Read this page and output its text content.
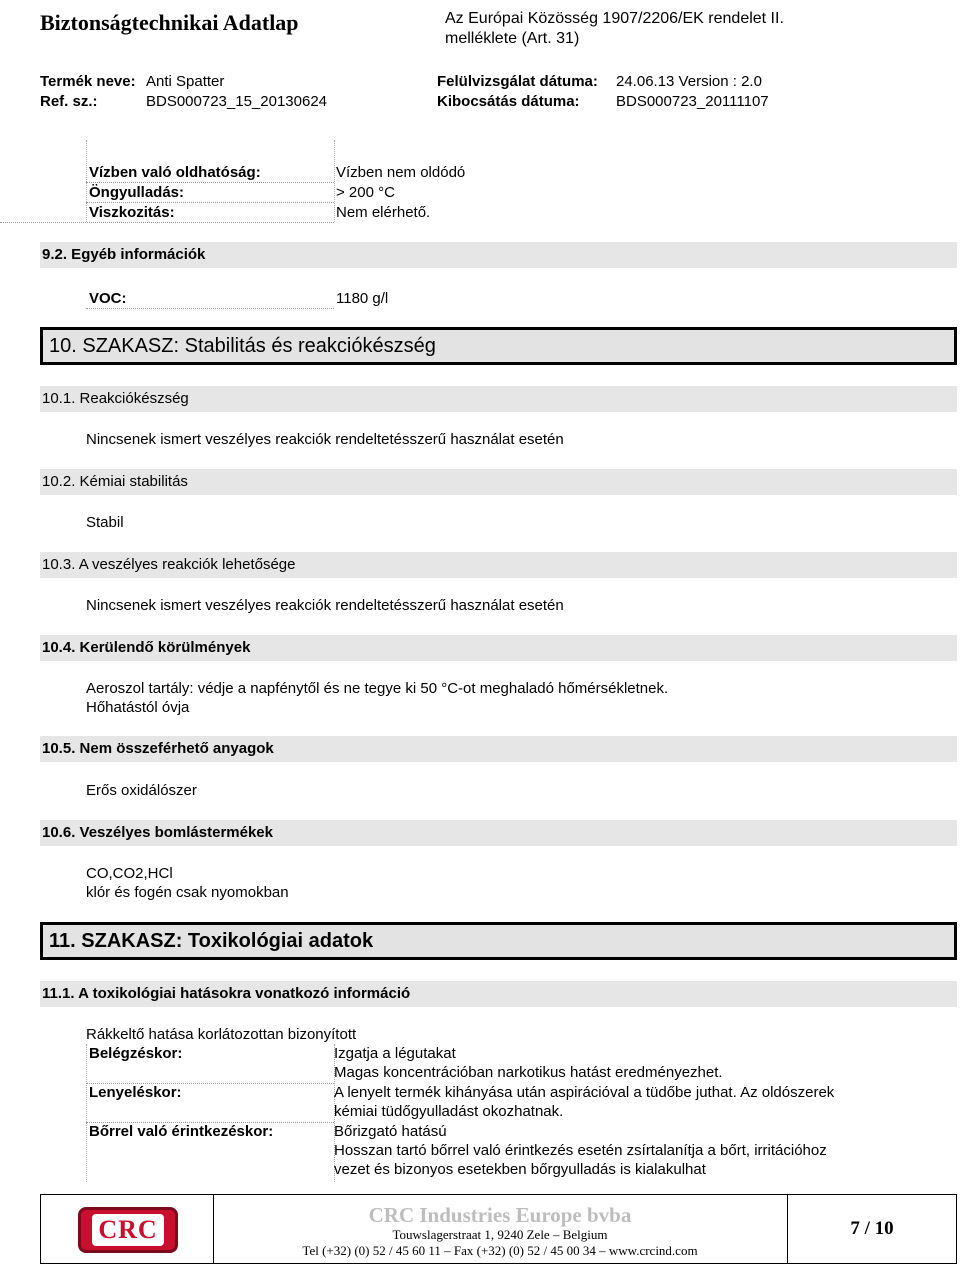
Biztonságtechnikai Adatlap	Az Európai Közösség 1907/2206/EK rendelet II.
melléklete (Art. 31)
Termék neve: Anti Spatter
Ref. sz.:	BDS000723_15_20130624
Felülvizsgálat dátuma: 24.06.13 Version : 2.0
Kibocsátás dátuma: BDS000723_20111107
Vízben való oldhatóság:	Vízben nem oldódó
Öngyulladás:	> 200 °C
Viszkozitás:	Nem elérhető.
9.2. Egyéb információk
VOC:	1180 g/l
10. SZAKASZ: Stabilitás és reakciókészség
10.1. Reakciókészség
Nincsenek ismert veszélyes reakciók rendeltetésszerű használat esetén
10.2. Kémiai stabilitás
Stabil
10.3. A veszélyes reakciók lehetősége
Nincsenek ismert veszélyes reakciók rendeltetésszerű használat esetén
10.4. Kerülendő körülmények
Aeroszol tartály: védje a napfénytől és ne tegye ki 50 °C-ot meghaladó hőmérsékletnek.
Hőhatástól óvja
10.5. Nem összeférhető anyagok
Erős oxidálószer
10.6. Veszélyes bomlástermékek
CO,CO2,HCl
klór és fogén csak nyomokban
11. SZAKASZ: Toxikológiai adatok
11.1. A toxikológiai hatásokra vonatkozó információ
Rákkeltő hatása korlátozottan bizonyított
Belégzéskor:	Izgatja a légutakat
Magas koncentrációban narkotikus hatást eredményezhet.
Lenyeléskor:	A lenyelt termék kihányása után aspirációval a tüdőbe juthat. Az oldószerek
kémiai tüdőgyulladást okozhatnak.
Bőrrel való érintkezéskor:	Bőrizgató hatású
Hosszan tartó bőrrel való érintkezés esetén zsírtalanítja a bőrt, irritációhoz
vezet és bizonyos esetekben bőrgyulladás is kialakulhat
CRC	CRC Industries Europe bvba
Touwslagerstraat 1, 9240 Zele – Belgium
Tel (+32) (0) 52 / 45 60 11 – Fax (+32) (0) 52 / 45 00 34 – www.crcind.com
7 / 10
